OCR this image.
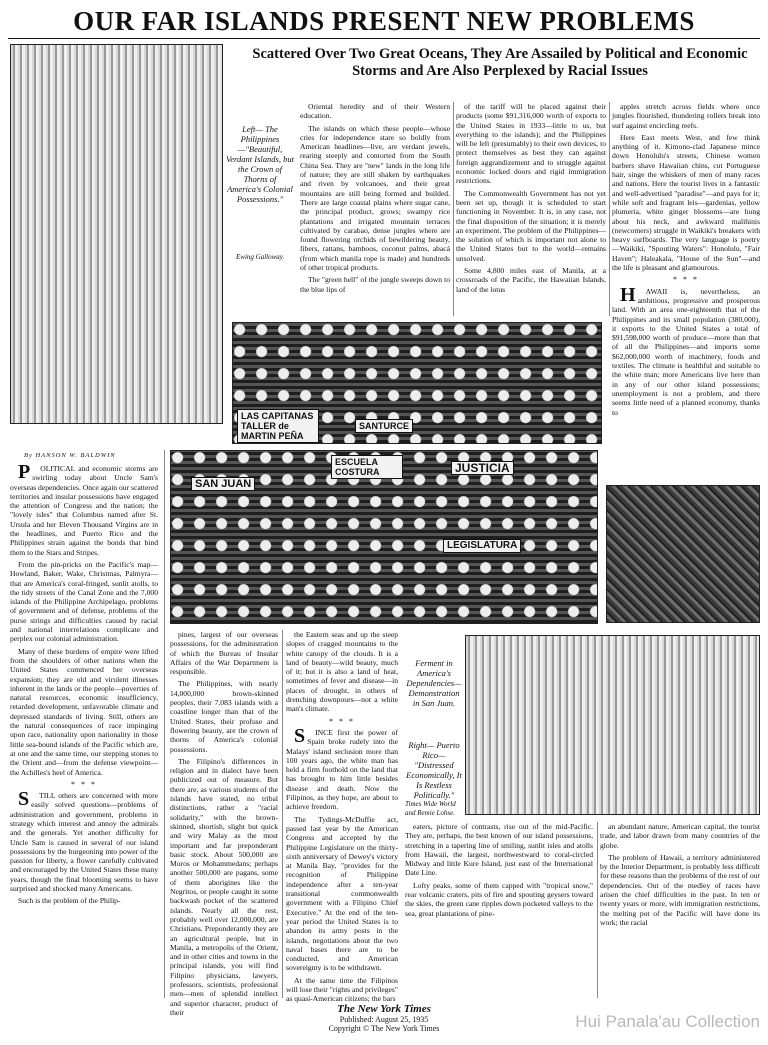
OUR FAR ISLANDS PRESENT NEW PROBLEMS
Scattered Over Two Great Oceans, They Are Assailed by Political and Economic Storms and Are Also Perplexed by Racial Issues
Left— The Philippines —"Beautiful, Verdant Islands, but the Crown of Thorns of America's Colonial Possessions."
Ewing Galloway.
LAS CAPITANAS TALLER de MARTIN PEÑA
SANTURCE
SAN JUAN
ESCUELA COSTURA	JUSTICIA
LEGISLATURA
Ferment in America's Dependencies— Demonstration in San Juan.
Right— Puerto Rico— "Distressed Economically, It Is Restless Politically."
Times Wide World and Remie Lohse.
By HANSON W. BALDWIN

POLITICAL and economic storms are swirling today about Uncle Sam's overseas dependencies. Once again our scattered territories and insular possessions have engaged the attention of Congress and the nation; the "lovely isles" that Columbus named after St. Ursula and her Eleven Thousand Virgins are in the headlines, and Puerto Rico and the Philippines strain against the bonds that bind them to the Stars and Stripes.

From the pin-pricks on the Pacific's map—Howland, Baker, Wake, Christmas, Palmyra—that are America's coral-fringed, sunlit atolls, to the tidy streets of the Canal Zone and the 7,000 islands of the Philippine Archipelago, problems of government and of defense, problems of the purse strings and difficulties caused by racial and national interrelations complicate and perplex our colonial administration.

Many of these burdens of empire were lifted from the shoulders of other nations when the United States commenced her overseas expansion; they are old and virulent illnesses inherent in the lands or the people—poverties of natural resources, economic insufficiency, retarded development, unfavorable climate and depressed standards of living. Still, others are the natural consequences of race impinging upon race, nationality upon nationality in those little sea-bound islands of the Pacific which are, at one and the same time, our stepping stones to the Orient and—from the defense viewpoint—the Achilles's heel of America.

* * *

STILL others are concerned with more easily solved questions—problems of administration and government, problems in strategy which interest and annoy the admirals and the generals. Yet another difficulty for Uncle Sam is caused in several of our island possessions by the burgeoning into power of the passion for liberty, a flower carefully cultivated and encouraged by the United States these many years, though the final blooming seems to have surprised and shocked many Americans.

Such is the problem of the Philip-

pines, largest of our overseas possessions, for the administration of which the Bureau of Insular Affairs of the War Department is responsible.

The Philippines, with nearly 14,000,000 brown-skinned peoples, their 7,083 islands with a coastline longer than that of the United States, their profuse and flowering beauty, are the crown of thorns of America's colonial possessions.

The Filipino's differences in religion and in dialect have been publicized out of measure. But there are, as various students of the islands have stated, no tribal distinctions, rather a "racial solidarity," with the brown-skinned, shortish, slight but quick and wiry Malay as the most important and far preponderant basic stock. About 500,000 are Moros or Mohammedans; perhaps another 500,000 are pagans, some of them aborigines like the Negritos, or people caught in some backwash pocket of the scattered islands. Nearly all the rest, probably well over 12,000,000, are Christians. Preponderantly they are an agricultural people, but in Manila, a metropolis of the Orient, and in other cities and towns in the principal islands, you will find Filipino physicians, lawyers, professors, scientists, professional men—men of splendid intellect and superior character, product of their

Oriental heredity and of their Western education.

The islands on which these people—whose cries for independence stare so boldly from American headlines—live, are verdant jewels, rearing steeply and contorted from the South China Sea. They are "new" lands in the long life of nature; they are still shaken by earthquakes and riven by volcanoes, and their great mountains are still being formed and builded. There are large coastal plains where sugar cane, the principal product, grows; swampy rice plantations and irrigated mountain terraces cultivated by carabao, dense jungles where are found flowering orchids of bewildering beauty, fibers, rattans, bamboos, coconut palms, abacá (from which manila rope is made) and hundreds of other tropical products.

The "green hell" of the jungle sweeps down to the blue lips of

the Eastern seas and up the steep slopes of cragged mountains to the white canopy of the clouds. It is a land of beauty—wild beauty, much of it; but it is also a land of heat, sometimes of fever and disease—in places of drought, in others of drenching downpours—not a white man's climate.

* * *

SINCE first the power of Spain broke rudely into the Malays' island seclusion more than 100 years ago, the white man has held a firm foothold on the land that has brought to him little besides disease and death. Now the Filipinos, as they hope, are about to achieve freedom.

The Tydings-McDuffie act, passed last year by the American Congress and accepted by the Philippine Legislature on the thirty-sixth anniversary of Dewey's victory at Manila Bay, "provides for the recognition of Philippine independence after a ten-year transitional commonwealth government with a Filipino Chief Executive." At the end of the ten-year period the United States is to abandon its army posts in the islands, negotiations about the two naval bases there are to be conducted, and American sovereignty is to be withdrawn.

At the same time the Filipinos will lose their "rights and privileges" as quasi-American citizens; the bars

of the tariff will be placed against their products (some $91,316,000 worth of exports to the United States in 1933—little to us, but everything to the islands); and the Philippines will be left (presumably) to their own devices, to protect themselves as best they can against foreign aggrandizement and to struggle against economic locked doors and rigid immigration restrictions.

The Commonwealth Government has not yet been set up, though it is scheduled to start functioning in November. It is, in any case, not the final disposition of the situation; it is merely an experiment. The problem of the Philippines—the solution of which is important not alone to the United States but to the world—remains unsolved.

Some 4,800 miles east of Manila, at a crossroads of the Pacific, the Hawaiian Islands, land of the lotus

eaters, picture of contrasts, rise out of the mid-Pacific. They are, perhaps, the best known of our island possessions, stretching in a tapering line of smiling, sunlit isles and atolls from Hawaii, the largest, northwestward to coral-circled Midway and little Kure Island, just east of the International Date Line.

Lofty peaks, some of them capped with "tropical snow," rear volcanic craters, pits of fire and spouting geysers toward the skies, the green cane ripples down pocketed valleys to the sea, great plantations of pine-

apples stretch across fields where once jungles flourished, thundering rollers break into surf against encircling reefs.

Here East meets West, and few think anything of it. Kimono-clad Japanese mince down Honolulu's streets, Chinese women barbers shave Hawaiian chins, cut Portuguese hair, singe the whiskers of men of many races and nations. Here the tourist lives in a fantastic and well-advertised "paradise"—and pays for it; while soft and fragrant leis—gardenias, yellow plumeria, white ginger blossoms—are hung about his neck, and awkward malihinis (newcomers) struggle in Waikiki's breakers with heavy surfboards. The very language is poetry —Waikiki, "Spouting Waters": Honolulu, "Fair Haven"; Haleakala, "House of the Sun"—and the life is pleasant and glamourous.

* * *

HAWAII is, nevertheless, an ambitious, progressive and prosperous land. With an area one-eighteenth that of the Philippines and its small population (380,000), it exports to the United States a total of $91,598,000 worth of produce—more than that of all the Philippines—and imports some $62,000,000 worth of machinery, foods and textiles. The climate is healthful and suitable to the white man; more Americans live here than in any of our other island possessions; unemployment is not a problem, and there seems little need of a planned economy, thanks to

an abundant nature, American capital, the tourist trade, and labor drawn from many countries of the globe.

The problem of Hawaii, a territory administered by the Interior Department, is probably less difficult for these reasons than the problems of the rest of our dependencies. Out of the medley of races have arisen the chief difficulties in the past. In ten or twenty years or more, with immigration restrictions, the melting pot of the Pacific will have done its work; the racial

The New York Times
Published: August 25, 1935
Copyright © The New York Times	Hui Panala'au Collection
